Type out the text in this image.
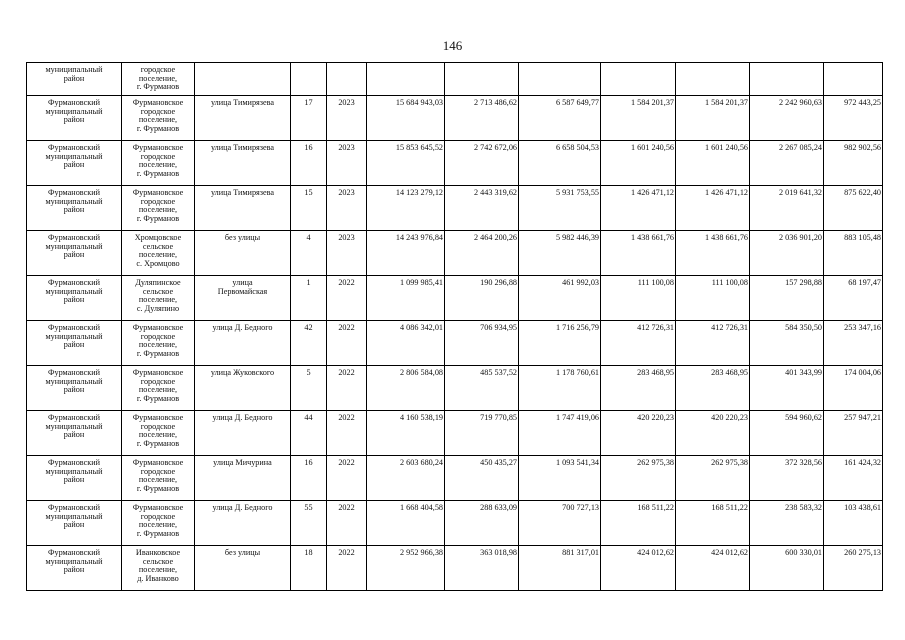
146
муниципальный
район	городское
поселение,
г. Фурманов										

Фурмановский
муниципальный
район	Фурмановское
городское
поселение,
г. Фурманов	улица Тимирязева	17	2023	15 684 943,03	2 713 486,62	6 587 649,77	1 584 201,37	1 584 201,37	2 242 960,63	972 443,25

Фурмановский
муниципальный
район	Фурмановское
городское
поселение,
г. Фурманов	улица Тимирязева	16	2023	15 853 645,52	2 742 672,06	6 658 504,53	1 601 240,56	1 601 240,56	2 267 085,24	982 902,56

Фурмановский
муниципальный
район	Фурмановское
городское
поселение,
г. Фурманов	улица Тимирязева	15	2023	14 123 279,12	2 443 319,62	5 931 753,55	1 426 471,12	1 426 471,12	2 019 641,32	875 622,40

Фурмановский
муниципальный
район	Хромцовское
сельское
поселение,
с. Хромцово	без улицы	4	2023	14 243 976,84	2 464 200,26	5 982 446,39	1 438 661,76	1 438 661,76	2 036 901,20	883 105,48

Фурмановский
муниципальный
район	Дуляпинское
сельское
поселение,
с. Дуляпино	улица
Первомайская	1	2022	1 099 985,41	190 296,88	461 992,03	111 100,08	111 100,08	157 298,88	68 197,47

Фурмановский
муниципальный
район	Фурмановское
городское
поселение,
г. Фурманов	улица Д. Бедного	42	2022	4 086 342,01	706 934,95	1 716 256,79	412 726,31	412 726,31	584 350,50	253 347,16

Фурмановский
муниципальный
район	Фурмановское
городское
поселение,
г. Фурманов	улица Жуковского	5	2022	2 806 584,08	485 537,52	1 178 760,61	283 468,95	283 468,95	401 343,99	174 004,06

Фурмановский
муниципальный
район	Фурмановское
городское
поселение,
г. Фурманов	улица Д. Бедного	44	2022	4 160 538,19	719 770,85	1 747 419,06	420 220,23	420 220,23	594 960,62	257 947,21

Фурмановский
муниципальный
район	Фурмановское
городское
поселение,
г. Фурманов	улица Мичурина	16	2022	2 603 680,24	450 435,27	1 093 541,34	262 975,38	262 975,38	372 328,56	161 424,32

Фурмановский
муниципальный
район	Фурмановское
городское
поселение,
г. Фурманов	улица Д. Бедного	55	2022	1 668 404,58	288 633,09	700 727,13	168 511,22	168 511,22	238 583,32	103 438,61

Фурмановский
муниципальный
район	Иванковское
сельское
поселение,
д. Иванково	без улицы	18	2022	2 952 966,38	363 018,98	881 317,01	424 012,62	424 012,62	600 330,01	260 275,13
